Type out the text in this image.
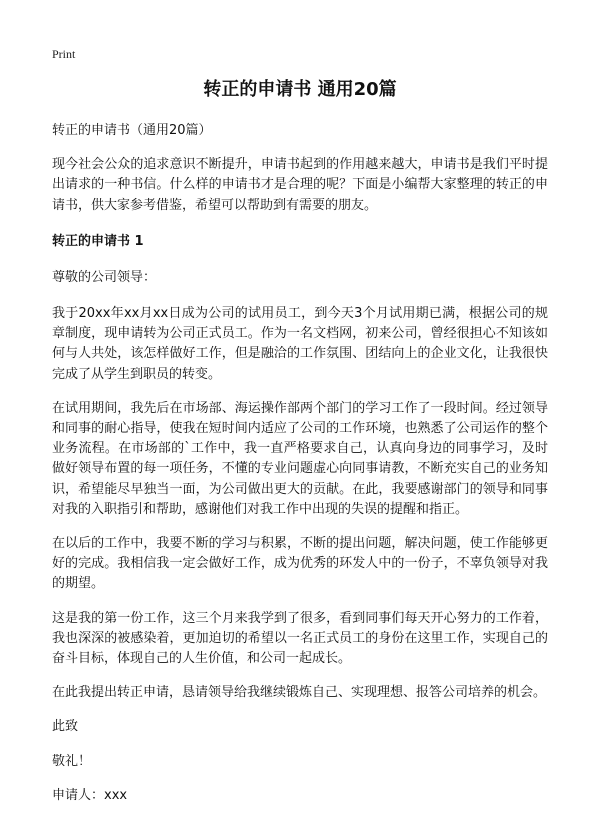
Print
转正的申请书 通用20篇

转正的申请书（通用20篇）

现今社会公众的追求意识不断提升，申请书起到的作用越来越大，申请书是我们平时提出请求的一种书信。什么样的申请书才是合理的呢？下面是小编帮大家整理的转正的申请书，供大家参考借鉴，希望可以帮助到有需要的朋友。

转正的申请书 1

尊敬的公司领导：

我于20xx年xx月xx日成为公司的试用员工，到今天3个月试用期已满，根据公司的规章制度，现申请转为公司正式员工。作为一名文档网，初来公司，曾经很担心不知该如何与人共处，该怎样做好工作，但是融洽的工作氛围、团结向上的企业文化，让我很快完成了从学生到职员的转变。

在试用期间，我先后在市场部、海运操作部两个部门的学习工作了一段时间。经过领导和同事的耐心指导，使我在短时间内适应了公司的工作环境，也熟悉了公司运作的整个业务流程。在市场部的`工作中，我一直严格要求自己，认真向身边的同事学习，及时做好领导布置的每一项任务，不懂的专业问题虚心向同事请教，不断充实自己的业务知识，希望能尽早独当一面，为公司做出更大的贡献。在此，我要感谢部门的领导和同事对我的入职指引和帮助，感谢他们对我工作中出现的失误的提醒和指正。

在以后的工作中，我要不断的学习与积累，不断的提出问题，解决问题，使工作能够更好的完成。我相信我一定会做好工作，成为优秀的环发人中的一份子，不辜负领导对我的期望。

这是我的第一份工作，这三个月来我学到了很多，看到同事们每天开心努力的工作着，我也深深的被感染着，更加迫切的希望以一名正式员工的身份在这里工作，实现自己的奋斗目标，体现自己的人生价值，和公司一起成长。

在此我提出转正申请，恳请领导给我继续锻炼自己、实现理想、报答公司培养的机会。

此致

敬礼！

申请人：xxx
